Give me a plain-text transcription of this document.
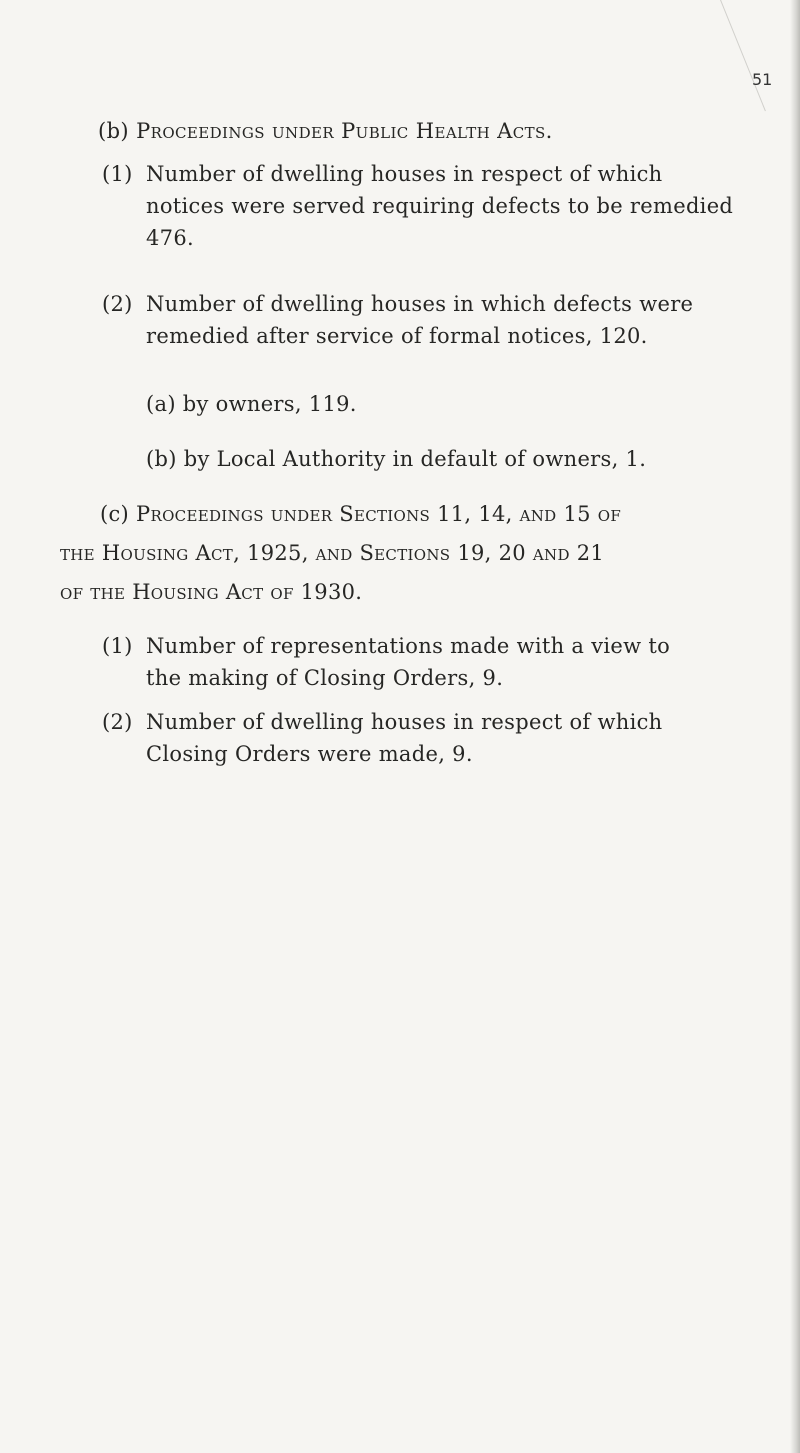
51
(b) Proceedings under Public Health Acts.
(1) Number of dwelling houses in respect of which
notices were served requiring defects to be remedied
476.
(2) Number of dwelling houses in which defects were
remedied after service of formal notices, 120.
(a) by owners, 119.
(b) by Local Authority in default of owners, 1.
(c) Proceedings under Sections 11, 14, and 15 of
the Housing Act, 1925, and Sections 19, 20 and 21
of the Housing Act of 1930.
(1) Number of representations made with a view to
the making of Closing Orders, 9.
(2) Number of dwelling houses in respect of which
Closing Orders were made, 9.
